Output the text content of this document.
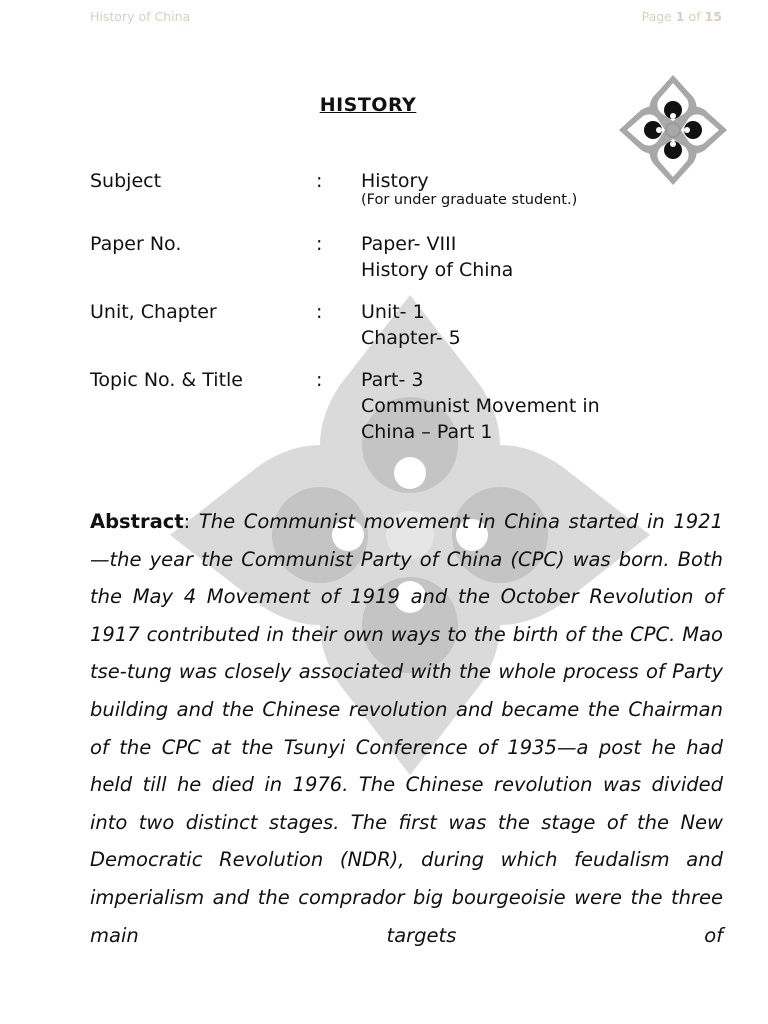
History of China	Page 1 of 15
HISTORY
Subject	: History
(For under graduate student.)
Paper No.	: Paper- VIII
History of China
Unit, Chapter	: Unit- 1
Chapter- 5
Topic No. & Title	: Part- 3
Communist Movement in
China – Part 1
Abstract: The Communist movement in China started in 1921—the year the Communist Party of China (CPC) was born. Both the May 4 Movement of 1919 and the October Revolution of 1917 contributed in their own ways to the birth of the CPC. Mao tse-tung was closely associated with the whole process of Party building and the Chinese revolution and became the Chairman of the CPC at the Tsunyi Conference of 1935—a post he had held till he died in 1976. The Chinese revolution was divided into two distinct stages. The first was the stage of the New Democratic Revolution (NDR), during which feudalism and imperialism and the comprador big bourgeoisie were the three main targets of
